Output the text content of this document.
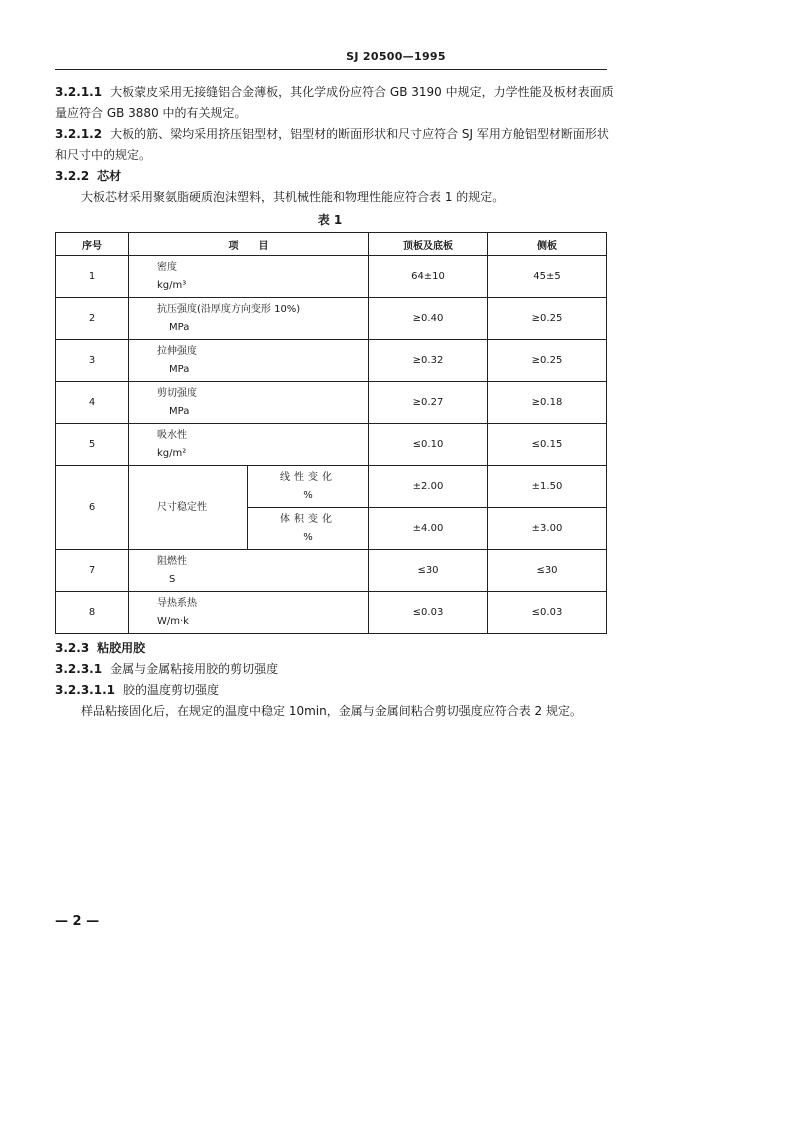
SJ 20500—1995
3.2.1.1 大板蒙皮采用无接缝铝合金薄板，其化学成份应符合 GB 3190 中规定，力学性能及板材表面质量应符合 GB 3880 中的有关规定。
3.2.1.2 大板的筋、梁均采用挤压铝型材，铝型材的断面形状和尺寸应符合 SJ 军用方舱铝型材断面形状和尺寸中的规定。
3.2.2 芯材
大板芯材采用聚氨脂硬质泡沫塑料，其机械性能和物理性能应符合表 1 的规定。
表 1
序号	项　　目		顶板及底板	侧板
1	密度
kg/m³		64±10	45±5
2	抗压强度(沿厚度方向变形 10%)
MPa		≥0.40	≥0.25
3	拉伸强度
MPa		≥0.32	≥0.25
4	剪切强度
MPa		≥0.27	≥0.18
5	吸水性
kg/m²		≤0.10	≤0.15
6	尺寸稳定性	线性变化
%	±2.00	±1.50

		体积变化
%	±4.00	±3.00
7	阻燃性
S		≤30	≤30
8	导热系热
W/m·k		≤0.03	≤0.03
3.2.3 粘胶用胶
3.2.3.1 金属与金属粘接用胶的剪切强度
3.2.3.1.1 胶的温度剪切强度
样品粘接固化后，在规定的温度中稳定 10min，金属与金属间粘合剪切强度应符合表 2 规定。
— 2 —
